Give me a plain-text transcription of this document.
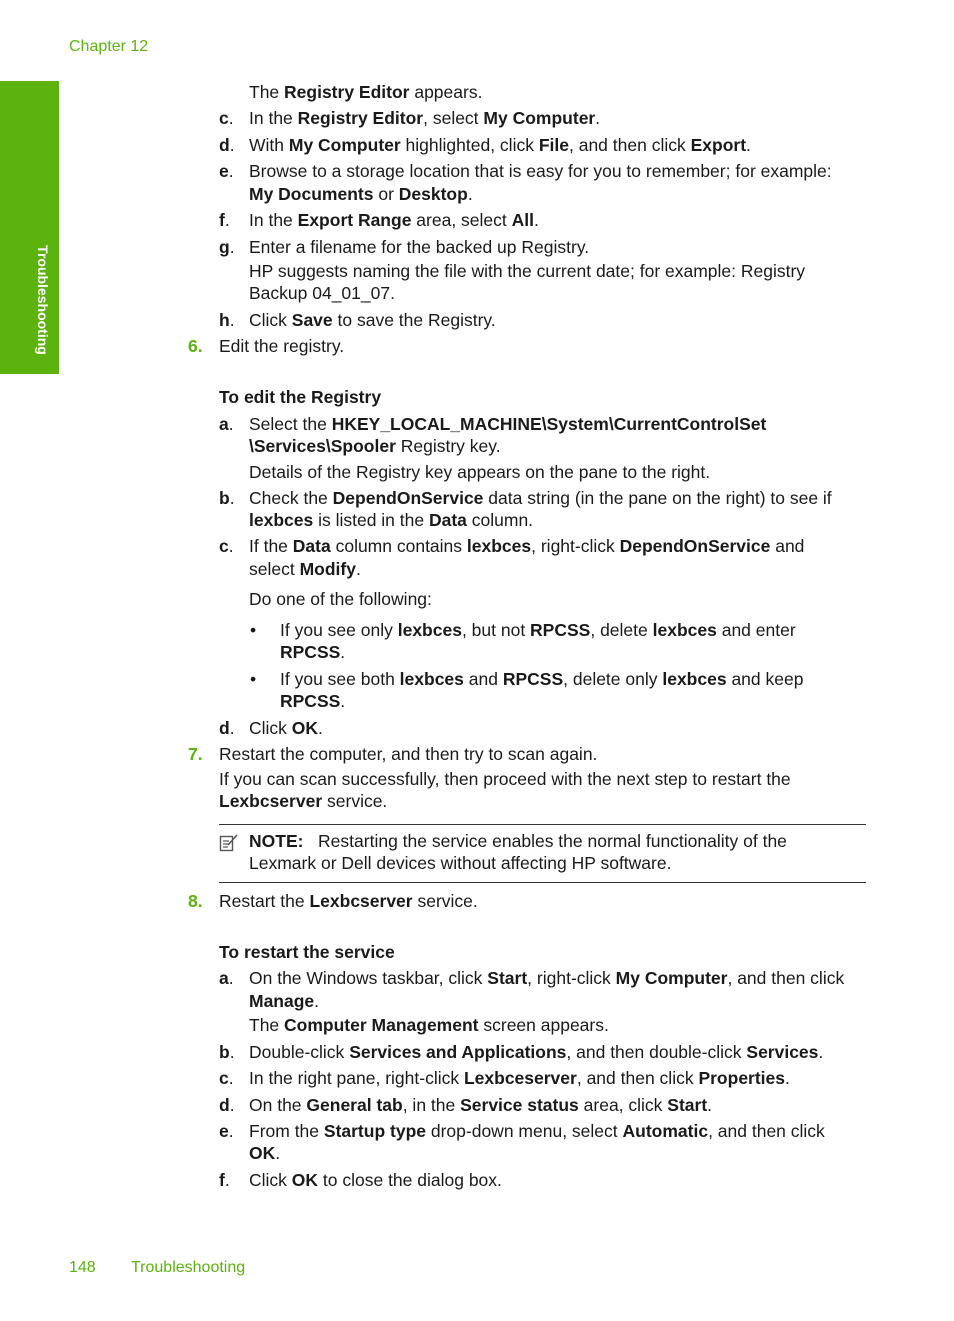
Chapter 12
Troubleshooting
The Registry Editor appears.
c. In the Registry Editor, select My Computer.
d. With My Computer highlighted, click File, and then click Export.
e. Browse to a storage location that is easy for you to remember; for example:
My Documents or Desktop.
f. In the Export Range area, select All.
g. Enter a filename for the backed up Registry.
HP suggests naming the file with the current date; for example: Registry
Backup 04_01_07.
h. Click Save to save the Registry.
6. Edit the registry.
To edit the Registry
a. Select the HKEY_LOCAL_MACHINE\System\CurrentControlSet
\Services\Spooler Registry key.
Details of the Registry key appears on the pane to the right.
b. Check the DependOnService data string (in the pane on the right) to see if
lexbces is listed in the Data column.
c. If the Data column contains lexbces, right-click DependOnService and
select Modify.
Do one of the following:
• If you see only lexbces, but not RPCSS, delete lexbces and enter
RPCSS.
• If you see both lexbces and RPCSS, delete only lexbces and keep
RPCSS.
d. Click OK.
7. Restart the computer, and then try to scan again.
If you can scan successfully, then proceed with the next step to restart the
Lexbcserver service.
NOTE:   Restarting the service enables the normal functionality of the
Lexmark or Dell devices without affecting HP software.
8. Restart the Lexbcserver service.
To restart the service
a. On the Windows taskbar, click Start, right-click My Computer, and then click
Manage.
The Computer Management screen appears.
b. Double-click Services and Applications, and then double-click Services.
c. In the right pane, right-click Lexbceserver, and then click Properties.
d. On the General tab, in the Service status area, click Start.
e. From the Startup type drop-down menu, select Automatic, and then click
OK.
f. Click OK to close the dialog box.
148 Troubleshooting
